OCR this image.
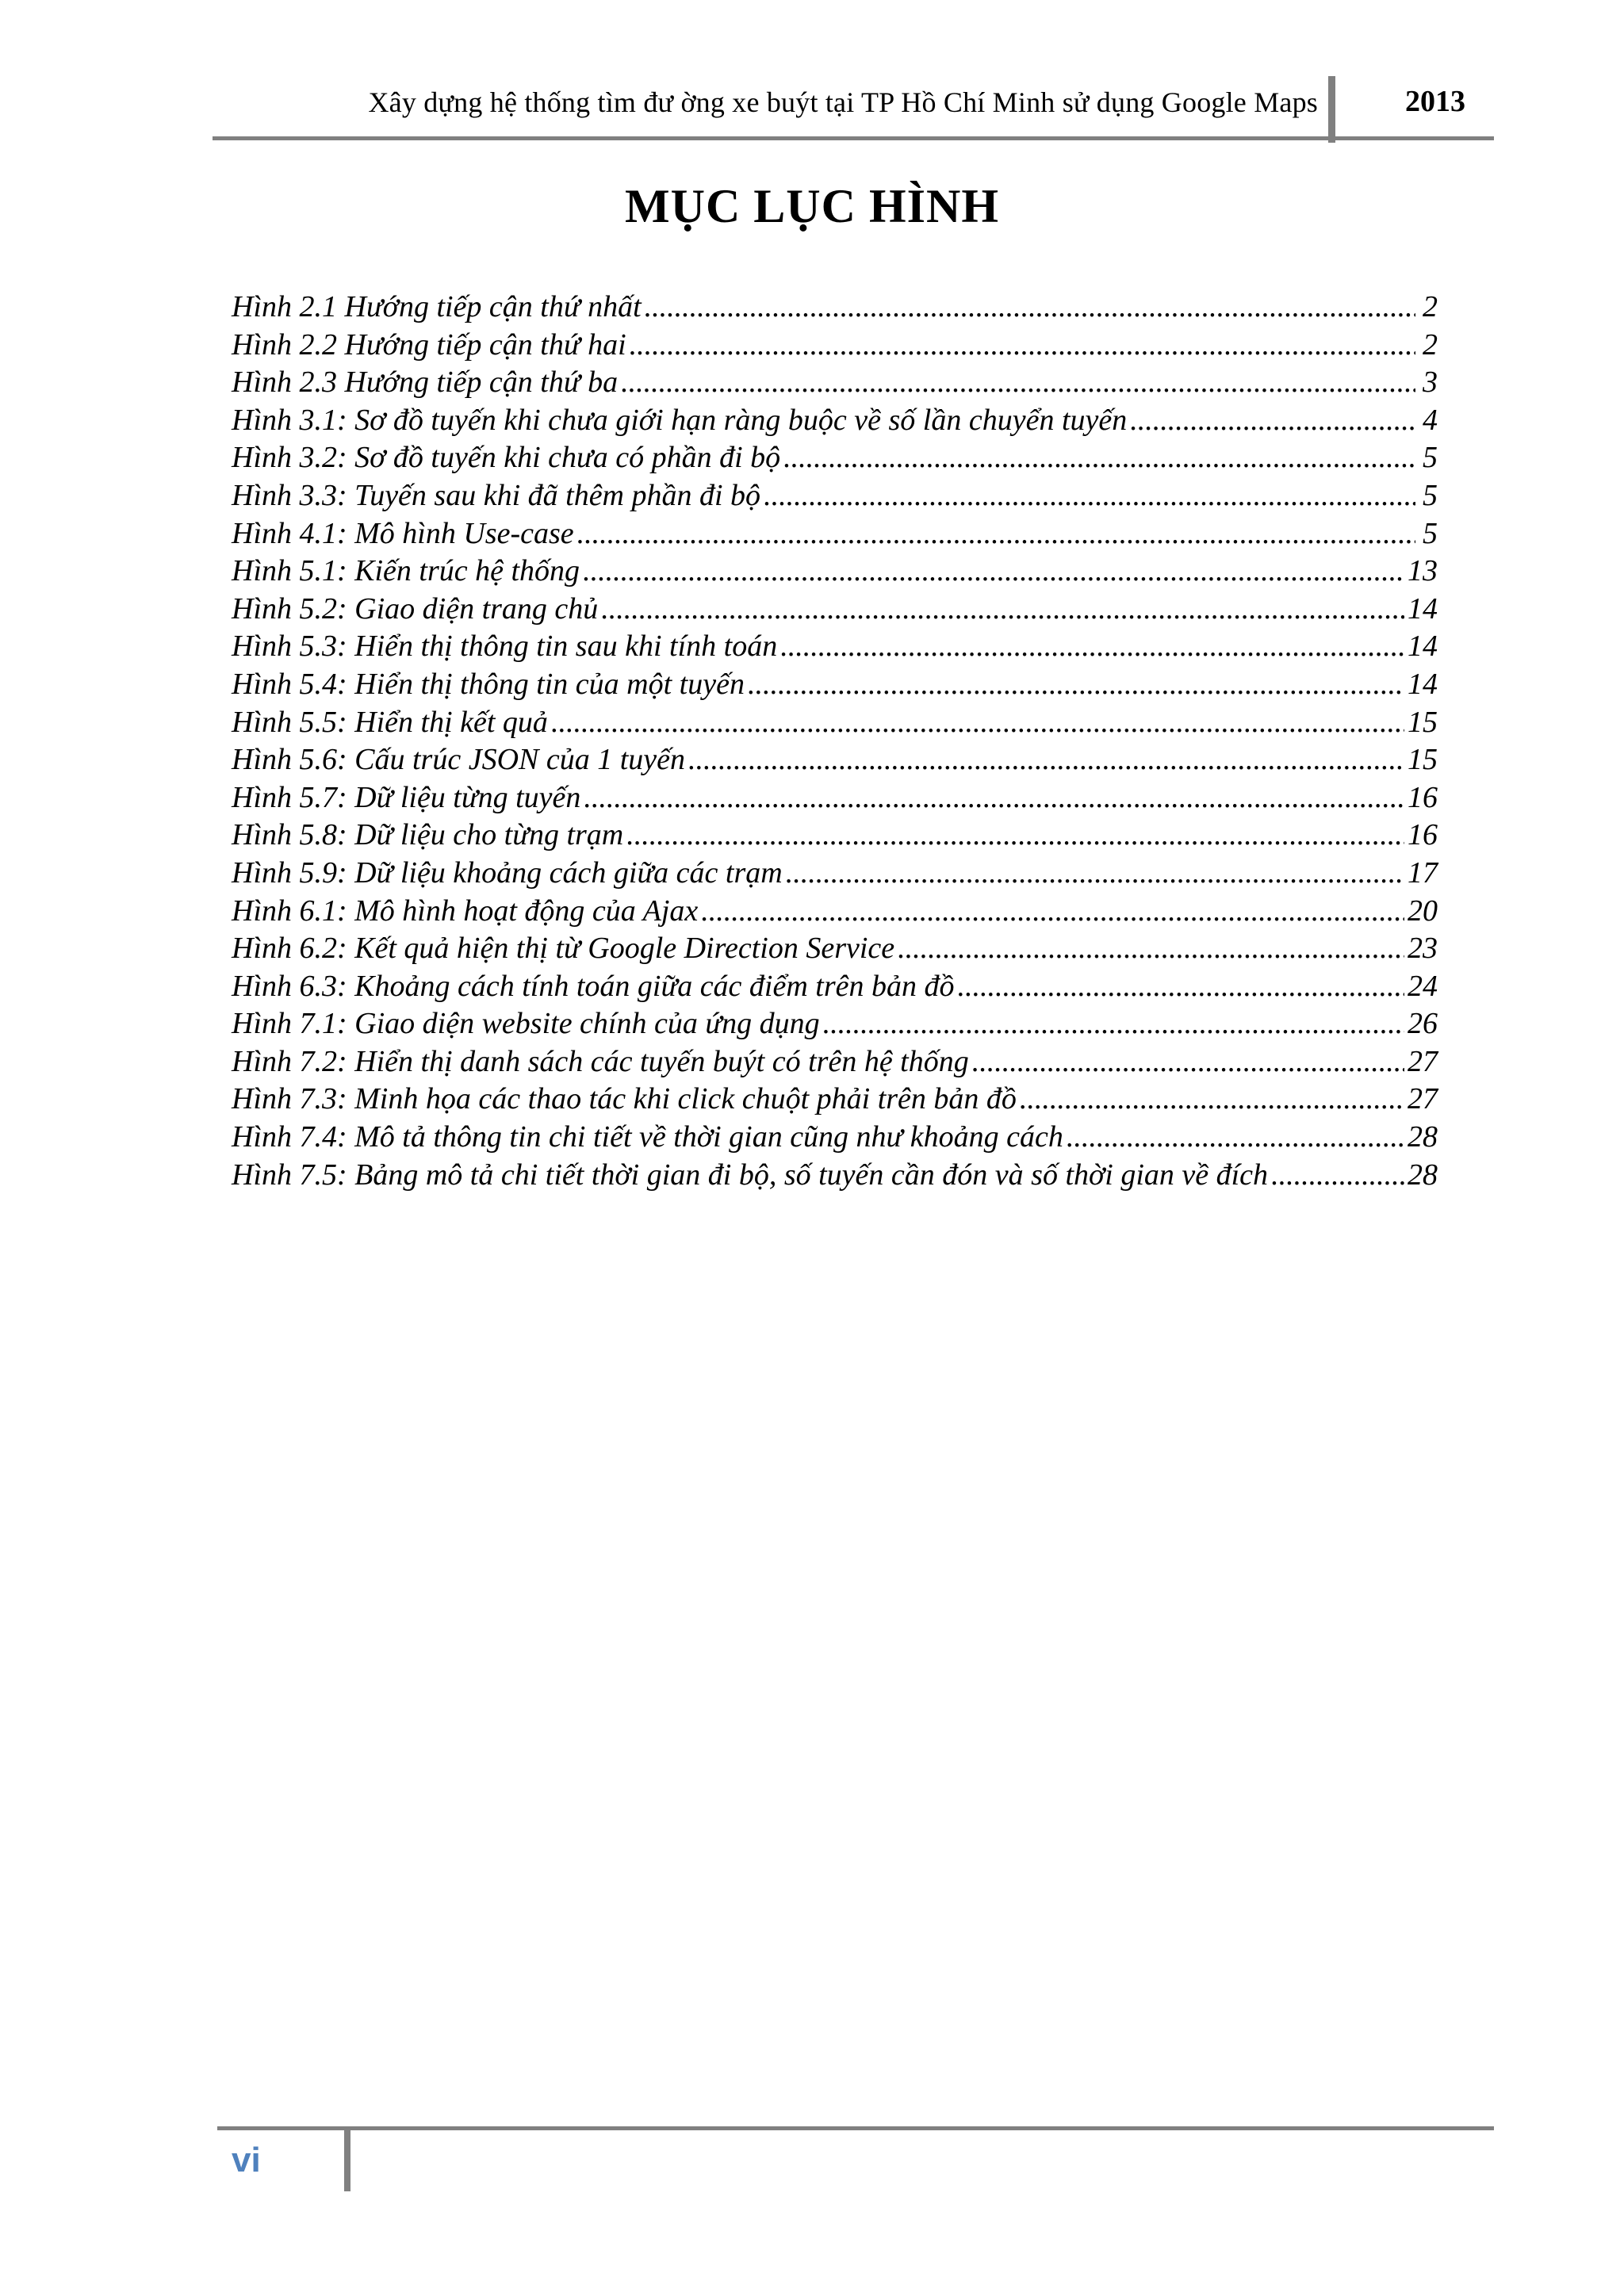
Xây dựng hệ thống tìm đư ờng xe buýt tại TP Hồ Chí Minh sử dụng Google Maps	2013
MỤC LỤC HÌNH
Hình 2.1 Hướng tiếp cận thứ nhất .....	2
Hình 2.2 Hướng tiếp cận thứ hai .....	2
Hình 2.3 Hướng tiếp cận thứ ba .....	3
Hình 3.1: Sơ đồ tuyến khi chưa giới hạn ràng buộc về số lần chuyển tuyến .....	4
Hình 3.2: Sơ đồ tuyến khi chưa có phần đi bộ .....	5
Hình 3.3: Tuyến sau khi đã thêm phần đi bộ .....	5
Hình 4.1: Mô hình Use-case .....	5
Hình 5.1: Kiến trúc hệ thống .....	13
Hình 5.2: Giao diện trang chủ .....	14
Hình 5.3: Hiển thị thông tin sau khi tính toán .....	14
Hình 5.4: Hiển thị thông tin của một tuyến .....	14
Hình 5.5: Hiển thị kết quả .....	15
Hình 5.6: Cấu trúc JSON của 1 tuyến .....	15
Hình 5.7: Dữ liệu từng tuyến .....	16
Hình 5.8: Dữ liệu cho từng trạm .....	16
Hình 5.9: Dữ liệu khoảng cách giữa các trạm .....	17
Hình 6.1: Mô hình hoạt động của Ajax .....	20
Hình 6.2: Kết quả hiện thị từ Google Direction Service .....	23
Hình 6.3: Khoảng cách tính toán giữa các điểm trên bản đồ .....	24
Hình 7.1: Giao diện website chính của ứng dụng .....	26
Hình 7.2: Hiển thị danh sách các tuyến buýt có trên hệ thống .....	27
Hình 7.3: Minh họa các thao tác khi click chuột phải trên bản đồ .....	27
Hình 7.4: Mô tả thông tin chi tiết về thời gian cũng như khoảng cách .....	28
Hình 7.5: Bảng mô tả chi tiết thời gian đi bộ, số tuyến cần đón và số thời gian về đích .....	28
vi
